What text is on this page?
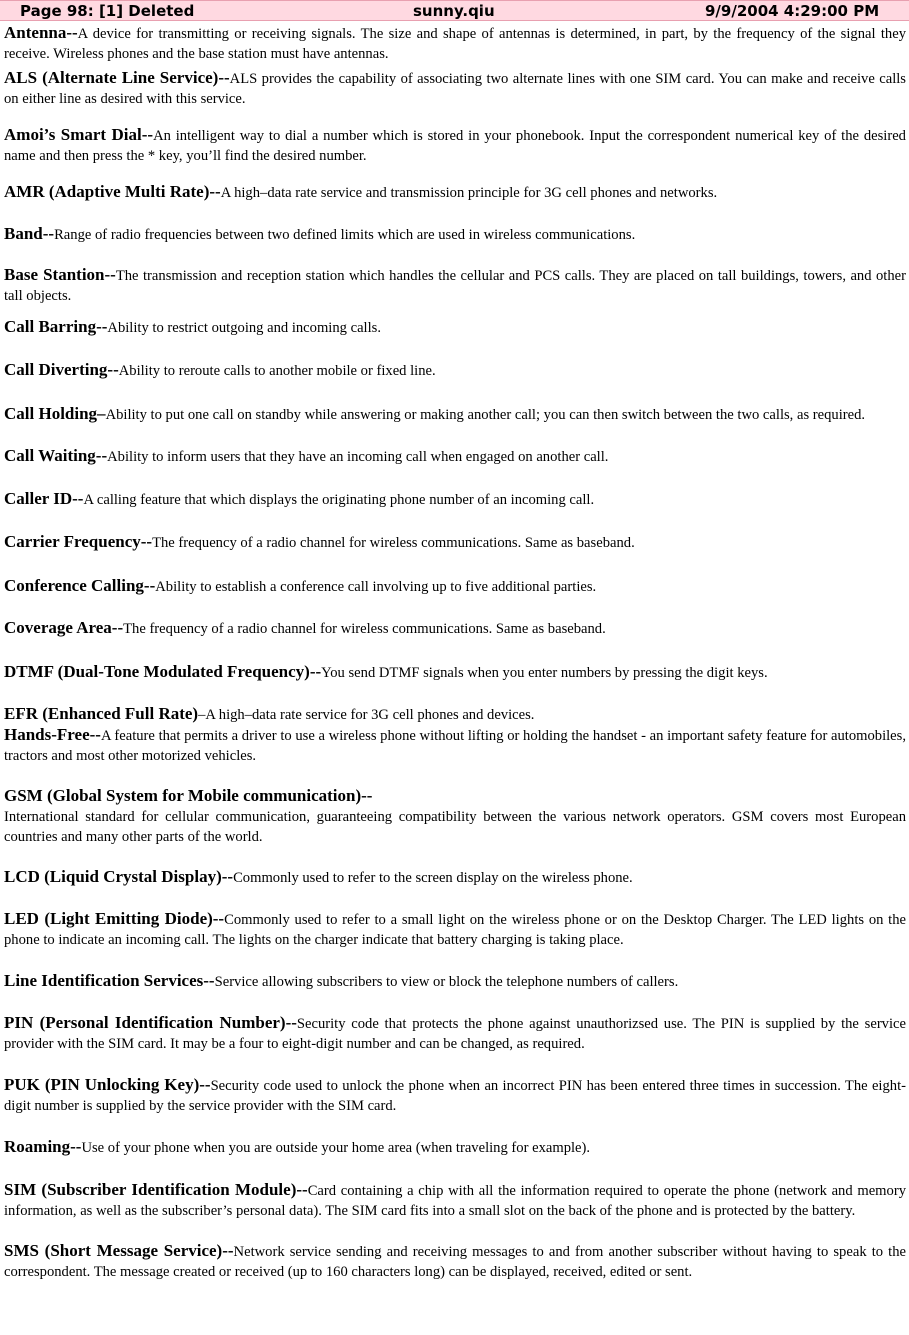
Page 98: [1] Deleted	sunny.qiu	9/9/2004 4:29:00 PM

Antenna--A device for transmitting or receiving signals. The size and shape of antennas is determined, in part, by the frequency of the signal they receive. Wireless phones and the base station must have antennas.

ALS (Alternate Line Service)--ALS provides the capability of associating two alternate lines with one SIM card. You can make and receive calls on either line as desired with this service.

Amoi’s Smart Dial--An intelligent way to dial a number which is stored in your phonebook. Input the correspondent numerical key of the desired name and then press the * key, you’ll find the desired number.

AMR (Adaptive Multi Rate)--A high–data rate service and transmission principle for 3G cell phones and networks.

Band--Range of radio frequencies between two defined limits which are used in wireless communications.

Base Stantion--The transmission and reception station which handles the cellular and PCS calls. They are placed on tall buildings, towers, and other tall objects.

Call Barring--Ability to restrict outgoing and incoming calls.

Call Diverting--Ability to reroute calls to another mobile or fixed line.

Call Holding–Ability to put one call on standby while answering or making another call; you can then switch between the two calls, as required.

Call Waiting--Ability to inform users that they have an incoming call when engaged on another call.

Caller ID--A calling feature that which displays the originating phone number of an incoming call.

Carrier Frequency--The frequency of a radio channel for wireless communications. Same as baseband.

Conference Calling--Ability to establish a conference call involving up to five additional parties.

Coverage Area--The frequency of a radio channel for wireless communications. Same as baseband.

DTMF (Dual-Tone Modulated Frequency)--You send DTMF signals when you enter numbers by pressing the digit keys.

EFR (Enhanced Full Rate)–A high–data rate service for 3G cell phones and devices.

Hands-Free--A feature that permits a driver to use a wireless phone without lifting or holding the handset - an important safety feature for automobiles, tractors and most other motorized vehicles.

GSM (Global System for Mobile communication)--
International standard for cellular communication, guaranteeing compatibility between the various network operators. GSM covers most European countries and many other parts of the world.

LCD (Liquid Crystal Display)--Commonly used to refer to the screen display on the wireless phone.

LED (Light Emitting Diode)--Commonly used to refer to a small light on the wireless phone or on the Desktop Charger. The LED lights on the phone to indicate an incoming call. The lights on the charger indicate that battery charging is taking place.

Line Identification Services--Service allowing subscribers to view or block the telephone numbers of callers.

PIN (Personal Identification Number)--Security code that protects the phone against unauthorizsed use. The PIN is supplied by the service provider with the SIM card. It may be a four to eight-digit number and can be changed, as required.

PUK (PIN Unlocking Key)--Security code used to unlock the phone when an incorrect PIN has been entered three times in succession. The eight-digit number is supplied by the service provider with the SIM card.

Roaming--Use of your phone when you are outside your home area (when traveling for example).

SIM (Subscriber Identification Module)--Card containing a chip with all the information required to operate the phone (network and memory information, as well as the subscriber’s personal data). The SIM card fits into a small slot on the back of the phone and is protected by the battery.

SMS (Short Message Service)--Network service sending and receiving messages to and from another subscriber without having to speak to the correspondent. The message created or received (up to 160 characters long) can be displayed, received, edited or sent.
